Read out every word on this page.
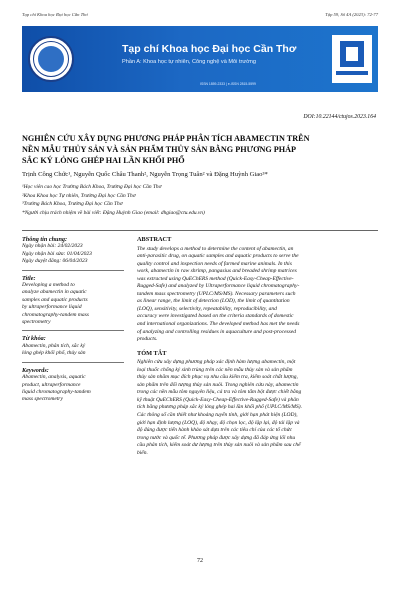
Tạp chí Khoa học Đại học Cần Thơ	Tập 59, Số 4A (2023): 72-77
Tạp chí Khoa học Đại học Cần Thơ
Phần A: Khoa học tự nhiên, Công nghệ và Môi trường
ISSN 1859-2333 | e-ISSN 2815-5599
DOI:10.22144/ctujos.2023.164
NGHIÊN CỨU XÂY DỰNG PHƯƠNG PHÁP PHÂN TÍCH ABAMECTIN TRÊN
NỀN MẪU THỦY SẢN VÀ SẢN PHẨM THỦY SẢN BẰNG PHƯƠNG PHÁP
SẮC KÝ LỎNG GHÉP HAI LẦN KHỐI PHỔ
Trịnh Công Chức¹, Nguyễn Quốc Châu Thanh², Nguyễn Trọng Tuân² và Đặng Huỳnh Giao³*
¹Học viên cao học Trường Bách Khoa, Trường Đại học Cần Thơ
²Khoa Khoa học Tự nhiên, Trường Đại học Cần Thơ
³Trường Bách Khoa, Trường Đại học Cần Thơ
*Người chịu trách nhiệm về bài viết: Đặng Huỳnh Giao (email: dhgiao@ctu.edu.vn)
Thông tin chung:
Ngày nhận bài: 24/02/2023
Ngày nhận bài sửa: 01/04/2023
Ngày duyệt đăng: 06/04/2023
Title:
Developing a method to
analyze abamectin in aquatic
samples and aquatic products
by ultraperformance liquid
chromatography-tandem mass
spectrometry
Từ khóa:
Abamectin, phân tích, sắc ký
lỏng ghép khối phổ, thủy sản
Keywords:
Abamectin, analysis, aquatic
product, ultraperformance
liquid chromatography-tandem
mass spectrometry
ABSTRACT
The study develops a method to determine the content of abamectin, an
anti-parasitic drug, on aquatic samples and aquatic products to serve the
quality control and inspection needs of farmed marine animals. In this
work, abamectin in raw shrimp, pangasius and breaded shrimp matrices
was extracted using QuEChERS method (Quick-Easy-Cheap-Effective-
Rugged-Safe) and analyzed by Ultraperformance liquid chromatography-
tandem mass spectrometry (UPLC/MS/MS). Necessary parameters such
as linear range, the limit of detection (LOD), the limit of quantitation
(LOQ), sensitivity, selectivity, repeatability, reproducibility, and
accuracy were investigated based on the criteria standards of domestic
and international organizations. The developed method has met the needs
of analyzing and controlling residues in aquaculture and post-processed
products.
TÓM TẮT
Nghiên cứu xây dựng phương pháp xác định hàm lượng abamectin, một
loại thuốc chống ký sinh trùng trên các nền mẫu thủy sản và sản phẩm
thủy sản nhằm mục đích phục vụ nhu cầu kiểm tra, kiểm soát chất lượng,
sản phẩm trên đối tượng thủy sản nuôi. Trong nghiên cứu này, abamectin
trong các nền mẫu tôm nguyên liệu, cá tra và tôm tẩm bột được chiết bằng
kỹ thuật QuEChERS (Quick-Easy-Cheap-Effective-Rugged-Safe) và phân
tích bằng phương pháp sắc ký lỏng ghép hai lần khối phổ (UPLC/MS/MS).
Các thông số cần thiết như khoảng tuyến tính, giới hạn phát hiện (LOD),
giới hạn định lượng (LOQ), độ nhạy, độ chọn lọc, độ lặp lại, độ tái lặp và
độ đúng được tiến hành khảo sát dựa trên các tiêu chí của các tổ chức
trong nước và quốc tế. Phương pháp được xây dựng đã đáp ứng lối nhu
cầu phân tích, kiểm soát dư lượng trên thủy sản nuôi và sản phẩm sau chế
biến.
72
